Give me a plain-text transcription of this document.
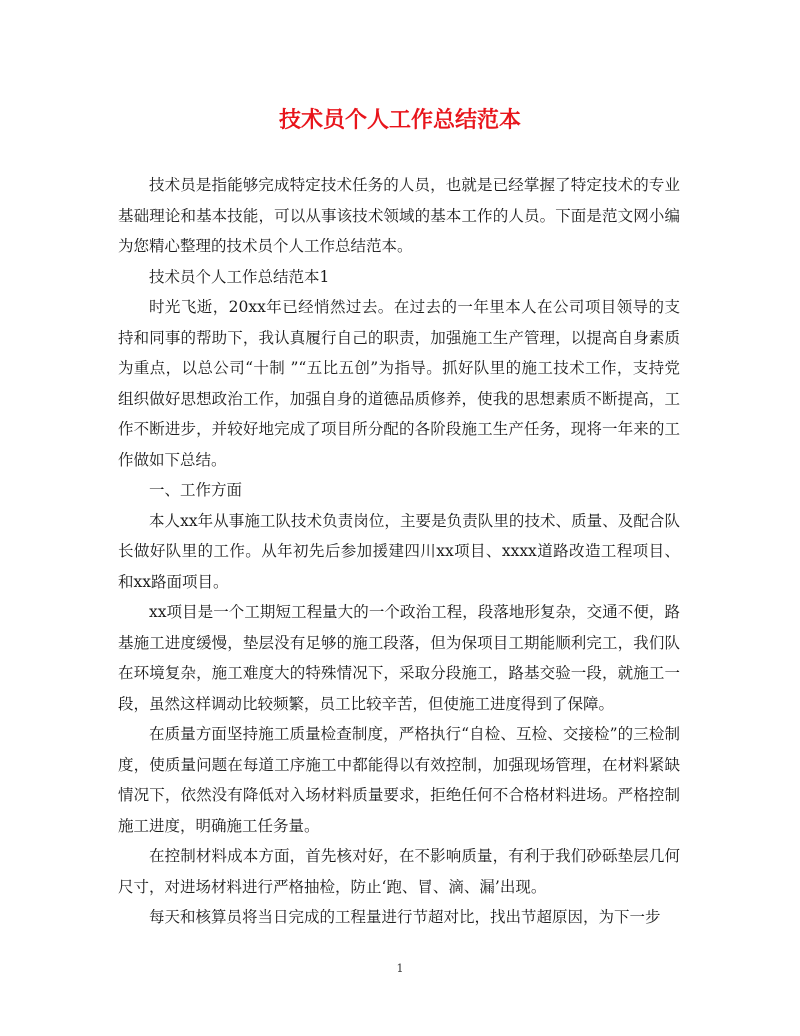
技术员个人工作总结范本

技术员是指能够完成特定技术任务的人员，也就是已经掌握了特定技术的专业基础理论和基本技能，可以从事该技术领域的基本工作的人员。下面是范文网小编为您精心整理的技术员个人工作总结范本。

技术员个人工作总结范本1

时光飞逝，20xx年已经悄然过去。在过去的一年里本人在公司项目领导的支持和同事的帮助下，我认真履行自己的职责，加强施工生产管理，以提高自身素质为重点，以总公司“十制 ”“五比五创”为指导。抓好队里的施工技术工作，支持党组织做好思想政治工作，加强自身的道德品质修养，使我的思想素质不断提高，工作不断进步，并较好地完成了项目所分配的各阶段施工生产任务，现将一年来的工作做如下总结。

一、工作方面

本人xx年从事施工队技术负责岗位，主要是负责队里的技术、质量、及配合队长做好队里的工作。从年初先后参加援建四川xx项目、xxxx道路改造工程项目、和xx路面项目。

xx项目是一个工期短工程量大的一个政治工程，段落地形复杂，交通不便，路基施工进度缓慢，垫层没有足够的施工段落，但为保项目工期能顺利完工，我们队在环境复杂，施工难度大的特殊情况下，采取分段施工，路基交验一段，就施工一段，虽然这样调动比较频繁，员工比较辛苦，但使施工进度得到了保障。

在质量方面坚持施工质量检查制度，严格执行“自检、互检、交接检”的三检制度，使质量问题在每道工序施工中都能得以有效控制，加强现场管理，在材料紧缺情况下，依然没有降低对入场材料质量要求，拒绝任何不合格材料进场。严格控制施工进度，明确施工任务量。

在控制材料成本方面，首先核对好，在不影响质量，有利于我们砂砾垫层几何尺寸，对进场材料进行严格抽检，防止‘跑、冒、滴、漏’出现。

每天和核算员将当日完成的工程量进行节超对比，找出节超原因，为下一步

1
